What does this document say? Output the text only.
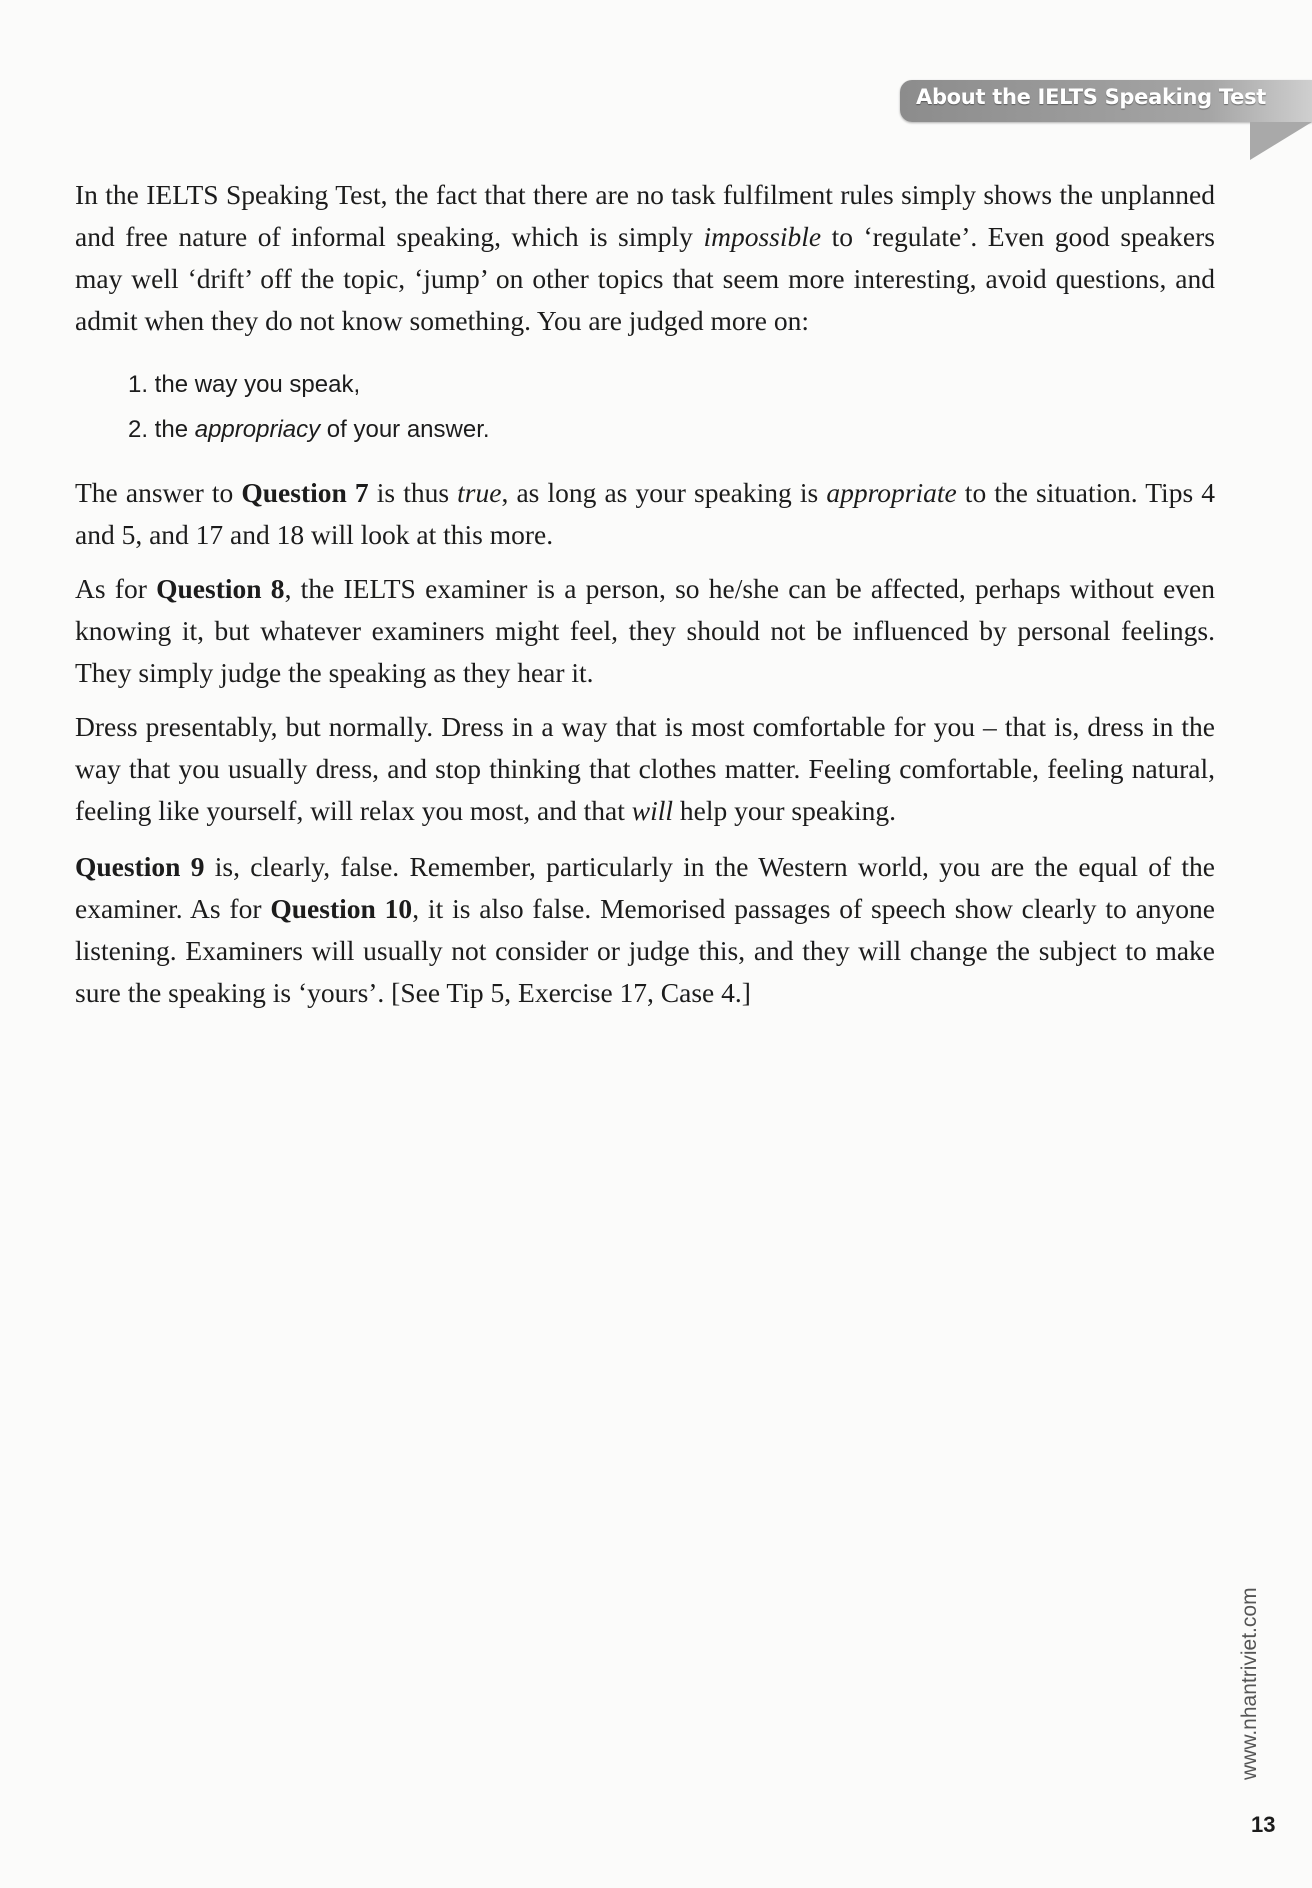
About the IELTS Speaking Test
In the IELTS Speaking Test, the fact that there are no task fulfilment rules simply shows the unplanned and free nature of informal speaking, which is simply impossible to ‘regulate’. Even good speakers may well ‘drift’ off the topic, ‘jump’ on other topics that seem more interesting, avoid questions, and admit when they do not know something. You are judged more on:
1. the way you speak,
2. the appropriacy of your answer.
The answer to Question 7 is thus true, as long as your speaking is appropriate to the situation. Tips 4 and 5, and 17 and 18 will look at this more.
As for Question 8, the IELTS examiner is a person, so he/she can be affected, perhaps without even knowing it, but whatever examiners might feel, they should not be influenced by personal feelings. They simply judge the speaking as they hear it.
Dress presentably, but normally. Dress in a way that is most comfortable for you – that is, dress in the way that you usually dress, and stop thinking that clothes matter. Feeling comfortable, feeling natural, feeling like yourself, will relax you most, and that will help your speaking.
Question 9 is, clearly, false. Remember, particularly in the Western world, you are the equal of the examiner. As for Question 10, it is also false. Memorised passages of speech show clearly to anyone listening. Examiners will usually not consider or judge this, and they will change the subject to make sure the speaking is ‘yours’. [See Tip 5, Exercise 17, Case 4.]
www.nhantriviet.com
13
